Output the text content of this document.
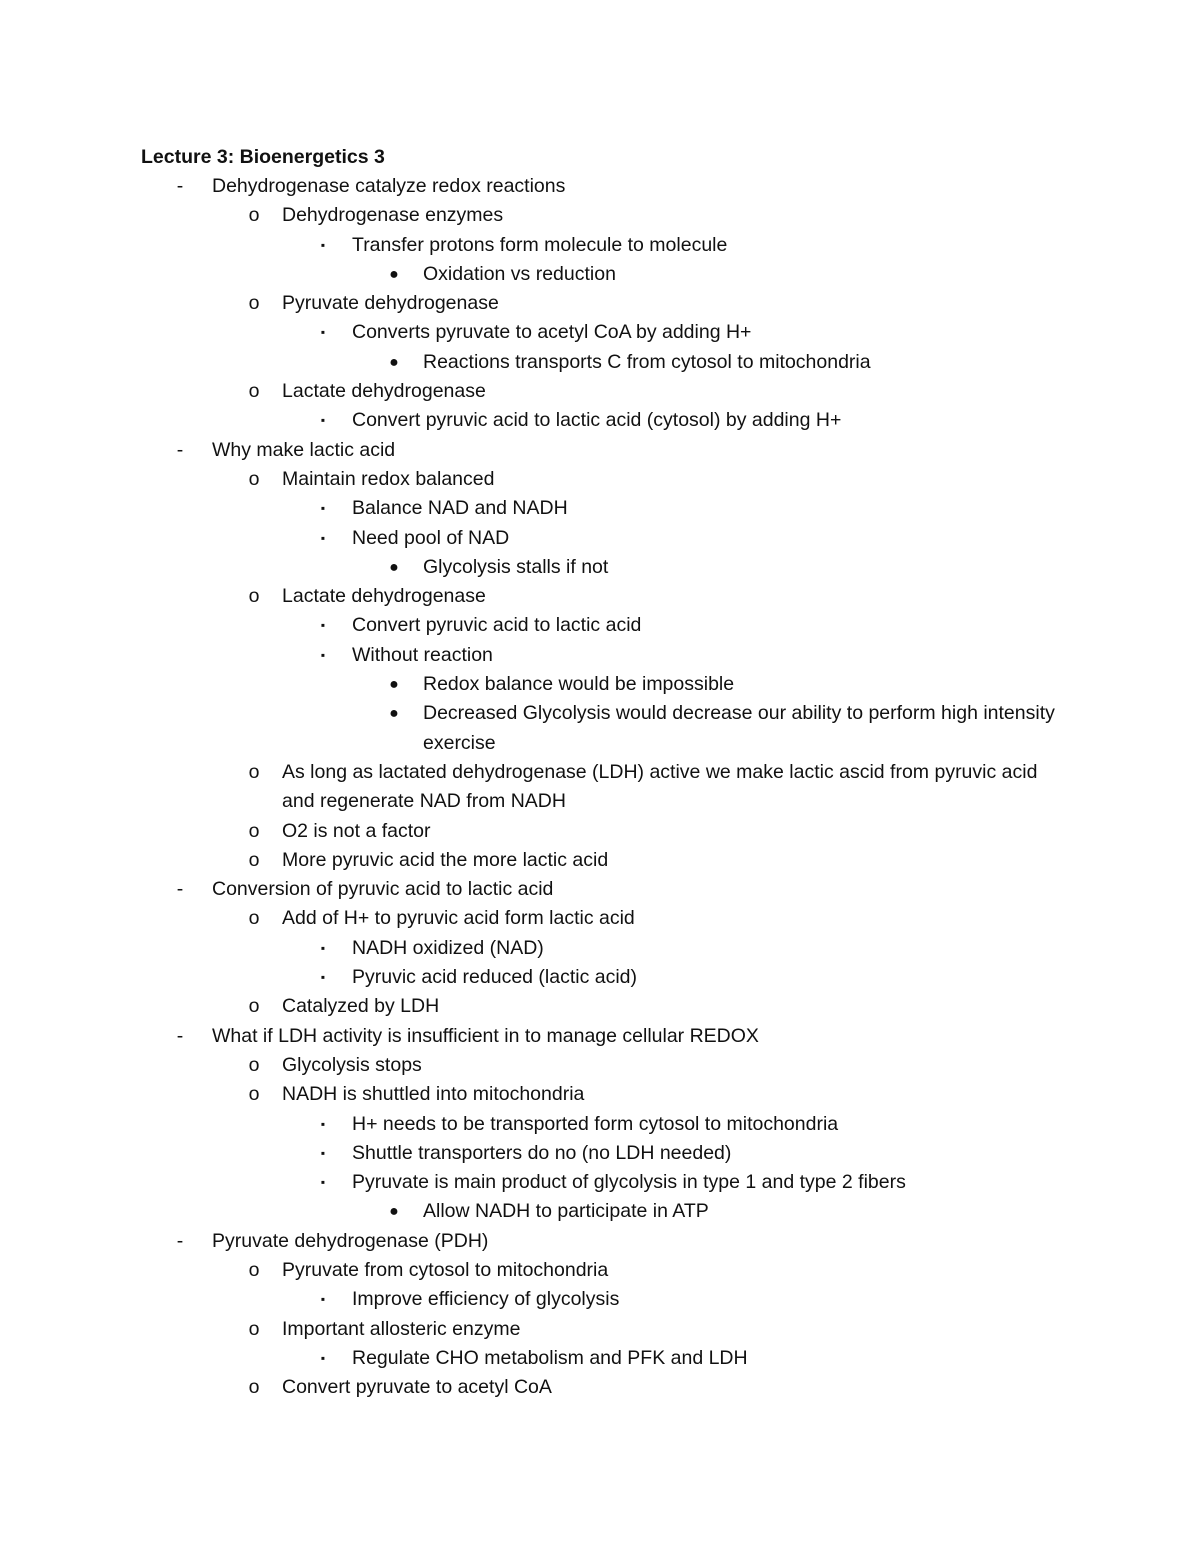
Lecture 3: Bioenergetics 3
- Dehydrogenase catalyze redox reactions
o Dehydrogenase enzymes
▪	Transfer protons form molecule to molecule
● Oxidation vs reduction
o Pyruvate dehydrogenase
▪	Converts pyruvate to acetyl CoA by adding H+
● Reactions transports C from cytosol to mitochondria
o Lactate dehydrogenase
▪	Convert pyruvic acid to lactic acid (cytosol) by adding H+
- Why make lactic acid
o Maintain redox balanced
▪	Balance NAD and NADH
▪	Need pool of NAD
● Glycolysis stalls if not
o Lactate dehydrogenase
▪	Convert pyruvic acid to lactic acid
▪	Without reaction
● Redox balance would be impossible
● Decreased Glycolysis would decrease our ability to perform high intensity exercise
o As long as lactated dehydrogenase (LDH) active we make lactic ascid from pyruvic acid and regenerate NAD from NADH
o O2 is not a factor
o More pyruvic acid the more lactic acid
- Conversion of pyruvic acid to lactic acid
o Add of H+ to pyruvic acid form lactic acid
▪	NADH oxidized (NAD)
▪	Pyruvic acid reduced (lactic acid)
o Catalyzed by LDH
- What if LDH activity is insufficient in to manage cellular REDOX
o Glycolysis stops
o NADH is shuttled into mitochondria
▪	H+ needs to be transported form cytosol to mitochondria
▪	Shuttle transporters do no (no LDH needed)
▪	Pyruvate is main product of glycolysis in type 1 and type 2 fibers
● Allow NADH to participate in ATP
- Pyruvate dehydrogenase (PDH)
o Pyruvate from cytosol to mitochondria
▪	Improve efficiency of glycolysis
o Important allosteric enzyme
▪	Regulate CHO metabolism and PFK and LDH
o Convert pyruvate to acetyl CoA
